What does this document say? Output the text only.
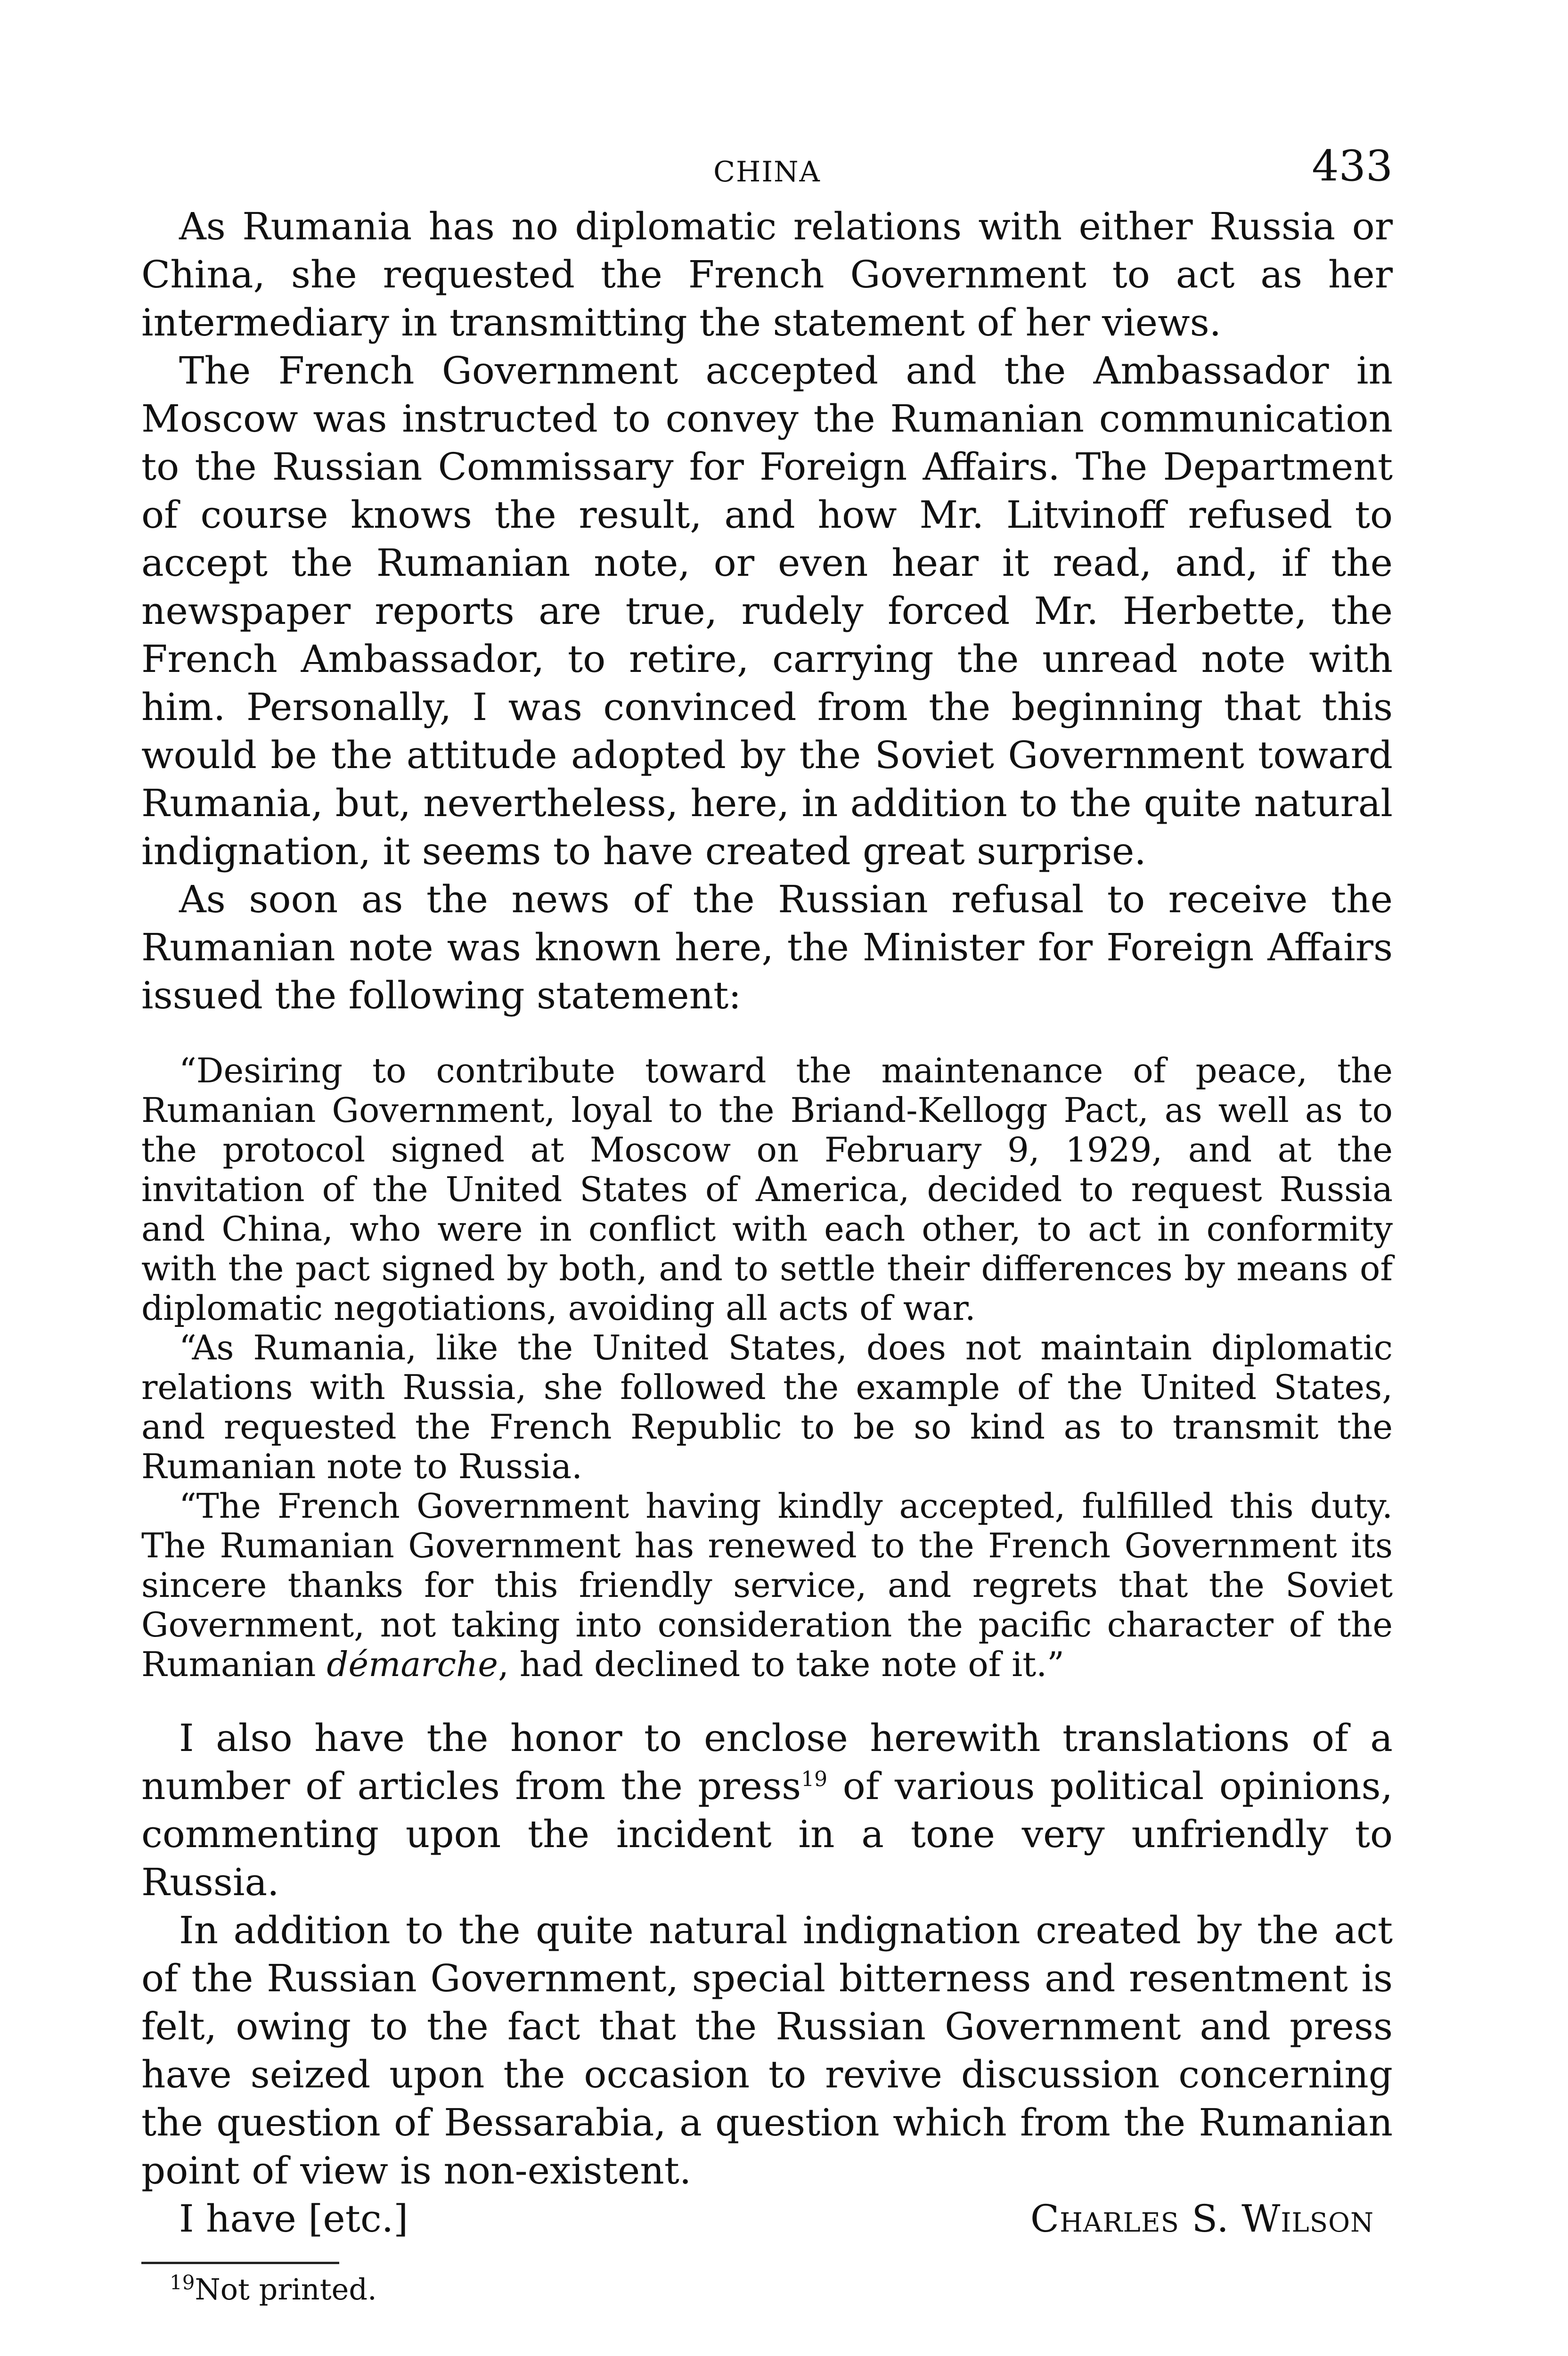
CHINA	433

As Rumania has no diplomatic relations with either Russia or China, she requested the French Government to act as her intermediary in transmitting the statement of her views.

The French Government accepted and the Ambassador in Moscow was instructed to convey the Rumanian communication to the Russian Commissary for Foreign Affairs. The Department of course knows the result, and how Mr. Litvinoff refused to accept the Rumanian note, or even hear it read, and, if the newspaper reports are true, rudely forced Mr. Herbette, the French Ambassador, to retire, carrying the unread note with him. Personally, I was convinced from the beginning that this would be the attitude adopted by the Soviet Government toward Rumania, but, nevertheless, here, in addition to the quite natural indignation, it seems to have created great surprise.

As soon as the news of the Russian refusal to receive the Rumanian note was known here, the Minister for Foreign Affairs issued the following statement:

“Desiring to contribute toward the maintenance of peace, the Rumanian Government, loyal to the Briand-Kellogg Pact, as well as to the protocol signed at Moscow on February 9, 1929, and at the invitation of the United States of America, decided to request Russia and China, who were in conflict with each other, to act in conformity with the pact signed by both, and to settle their differences by means of diplomatic negotiations, avoiding all acts of war.

“As Rumania, like the United States, does not maintain diplomatic relations with Russia, she followed the example of the United States, and requested the French Republic to be so kind as to transmit the Rumanian note to Russia.

“The French Government having kindly accepted, fulfilled this duty. The Rumanian Government has renewed to the French Government its sincere thanks for this friendly service, and regrets that the Soviet Government, not taking into consideration the pacific character of the Rumanian démarche, had declined to take note of it.”

I also have the honor to enclose herewith translations of a number of articles from the press$^{19}$ of various political opinions, commenting upon the incident in a tone very unfriendly to Russia.

In addition to the quite natural indignation created by the act of the Russian Government, special bitterness and resentment is felt, owing to the fact that the Russian Government and press have seized upon the occasion to revive discussion concerning the question of Bessarabia, a question which from the Rumanian point of view is non-existent.

I have [etc.]	Charles S. Wilson
$^{19}$Not printed.
